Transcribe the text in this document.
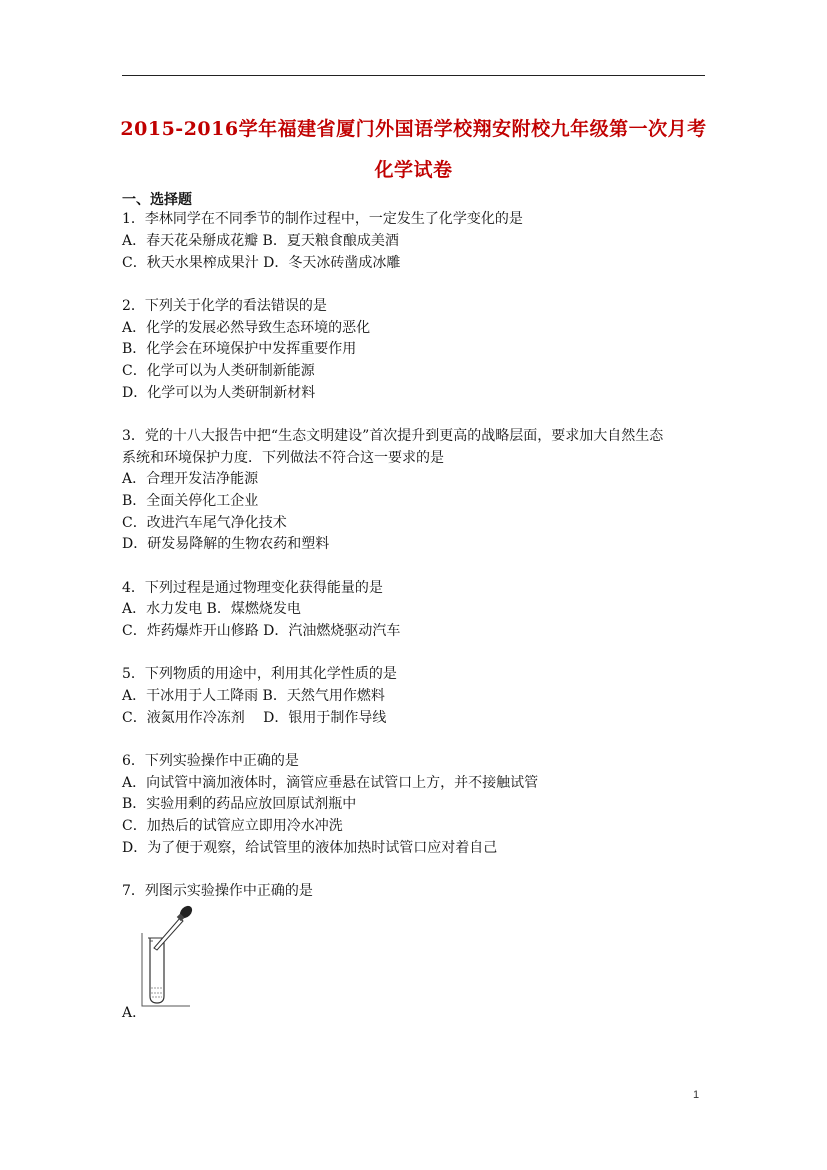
2015-2016学年福建省厦门外国语学校翔安附校九年级第一次月考
化学试卷
一、选择题
1．李林同学在不同季节的制作过程中，一定发生了化学变化的是
A．春天花朵掰成花瓣 B．夏天粮食酿成美酒
C．秋天水果榨成果汁 D．冬天冰砖凿成冰雕
2．下列关于化学的看法错误的是
A．化学的发展必然导致生态环境的恶化
B．化学会在环境保护中发挥重要作用
C．化学可以为人类研制新能源
D．化学可以为人类研制新材料
3．党的十八大报告中把“生态文明建设”首次提升到更高的战略层面，要求加大自然生态
系统和环境保护力度．下列做法不符合这一要求的是
A．合理开发洁净能源
B．全面关停化工企业
C．改进汽车尾气净化技术
D．研发易降解的生物农药和塑料
4．下列过程是通过物理变化获得能量的是
A．水力发电 B．煤燃烧发电
C．炸药爆炸开山修路 D．汽油燃烧驱动汽车
5．下列物质的用途中，利用其化学性质的是
A．干冰用于人工降雨 B．天然气用作燃料
C．液氮用作冷冻剂　 D．银用于制作导线
6．下列实验操作中正确的是
A．向试管中滴加液体时，滴管应垂悬在试管口上方，并不接触试管
B．实验用剩的药品应放回原试剂瓶中
C．加热后的试管应立即用冷水冲洗
D．为了便于观察，给试管里的液体加热时试管口应对着自己
7．列图示实验操作中正确的是
A．
1
